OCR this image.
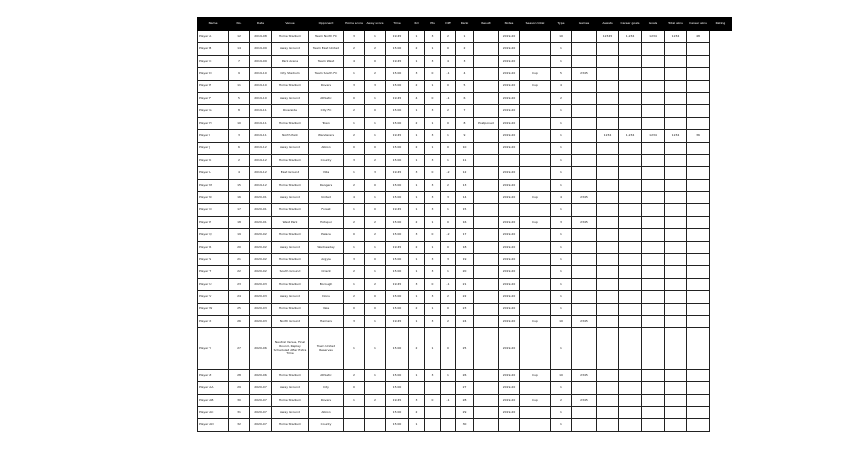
Name	No.	Date	Venue	Opponent	Home score	Away score	Time	Rd	Pts	Diff	Rank	Result	Notes	Season total	Type	Games	Assists	Career goals	Goals	Total wins	Career wins	Rating
Player A	12	2019-08	Home Stadium	Team North FC	3	1	19:45	1	3	2	1		2019-20		10		12345	1,234	1234	1234	48	
Player B	14	2019-09	Away Ground	Team East United	2	2	15:00	2	1	0	2		2019-20		1							
Player C	7	2019-09	Park Arena	Team West	4	0	19:45	1	3	4	3		2019-20		1							
Player D	9	2019-10	City Stadium	Team South FC	1	2	15:00	3	0	-1	4		2019-20	Cup	5	2345						
Player E	11	2019-10	Home Stadium	Rovers	3	3	15:00	2	1	0	5		2019-20	Cup	4							
Player F	5	2019-10	Away Ground	Athletic	0	1	19:45	4	0	-1	6		2019-20		2							
Player G	8	2019-11	Riverside	City FC	2	0	15:00	1	3	2	7		2019-20		1							
Player H	10	2019-11	Home Stadium	Town	1	1	15:00	2	1	0	8	Postponed	2019-20		1							
Player I	3	2019-11	North Park	Wanderers	2	1	19:45	1	3	1	9		2019-20		1		1234	1,234	1234	1234	36	
Player J	6	2019-12	Away Ground	Albion	0	0	15:00	2	1	0	10		2019-20		1							
Player K	2	2019-12	Home Stadium	County	3	2	15:00	1	3	1	11				1							
Player L	4	2019-12	East Ground	Villa	1	3	19:45	3	0	-2	12		2019-20		1							
Player M	15	2019-12	Home Stadium	Rangers	2	0	15:00	1	3	2	13		2019-20		1							
Player N	16	2020-01	Away Ground	United	4	1	15:00	1	3	3	14		2019-20	Cup	4	2345						
Player O	17	2020-01	Home Stadium	Forest	1	0	19:45	1	3	1	15				1							
Player P	18	2020-01	West Park	Hotspur	2	2	15:00	2	1	0	16		2019-20	Cup	3	2345						
Player Q	19	2020-02	Home Stadium	Palace	0	2	15:00	3	0	-2	17		2019-20		1							
Player R	20	2020-02	Away Ground	Wednesday	1	1	19:45	2	1	0	18		2019-20		1							
Player S	21	2020-02	Home Stadium	Argyle	3	0	15:00	1	3	3	19		2019-20		1							
Player T	22	2020-02	South Ground	Orient	2	1	15:00	1	3	1	20		2019-20		1							
Player U	23	2020-03	Home Stadium	Borough	1	2	19:45	3	0	-1	21		2019-20		1							
Player V	24	2020-03	Away Ground	Dons	2	0	15:00	1	3	2	22		2019-20		1							
Player W	25	2020-03	Home Stadium	Vale	0	0	15:00	2	1	0	23		2019-20		1							
Player X	26	2020-03	North Ground	Harriers	3	1	19:45	1	3	2	24		2019-20	Cup	10	2345						
Player Y	27	2020-06	Neutral Venue, Final Round, Replay Scheduled After Extra Time	Town United Reserves	1	1	15:00	2	1	0	25		2019-20		1							
Player Z	28	2020-06	Home Stadium	Athletic	2	1	15:00	1	3	1	26		2019-20	Cup	10	2345						
Player AA	29	2020-07	Away Ground	City	0		15:00				27		2019-20		1							
Player AB	30	2020-07	Home Stadium	Rovers	1	2	19:45	3	0	-1	28		2019-20	Cup	2	2345						
Player AC	31	2020-07	Away Ground	Albion			15:00	2			29		2019-20		1							
Player AD	32	2020-07	Home Stadium	County			15:00	1			30				1							
